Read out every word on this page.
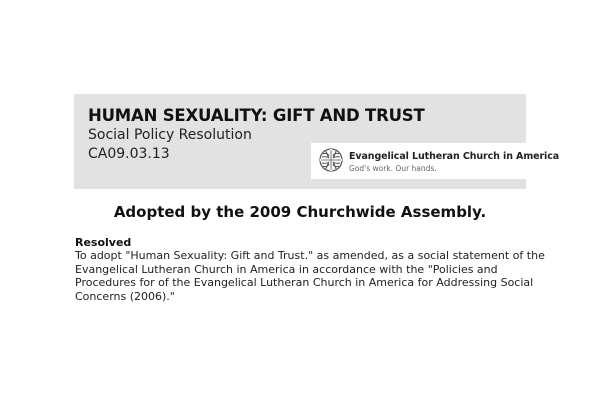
HUMAN SEXUALITY: GIFT AND TRUST
Social Policy Resolution
CA09.03.13	Evangelical Lutheran Church in America
God's work. Our hands.
Adopted by the 2009 Churchwide Assembly.
Resolved
To adopt "Human Sexuality: Gift and Trust." as amended, as a social statement of the
Evangelical Lutheran Church in America in accordance with the "Policies and
Procedures for of the Evangelical Lutheran Church in America for Addressing Social
Concerns (2006)."
